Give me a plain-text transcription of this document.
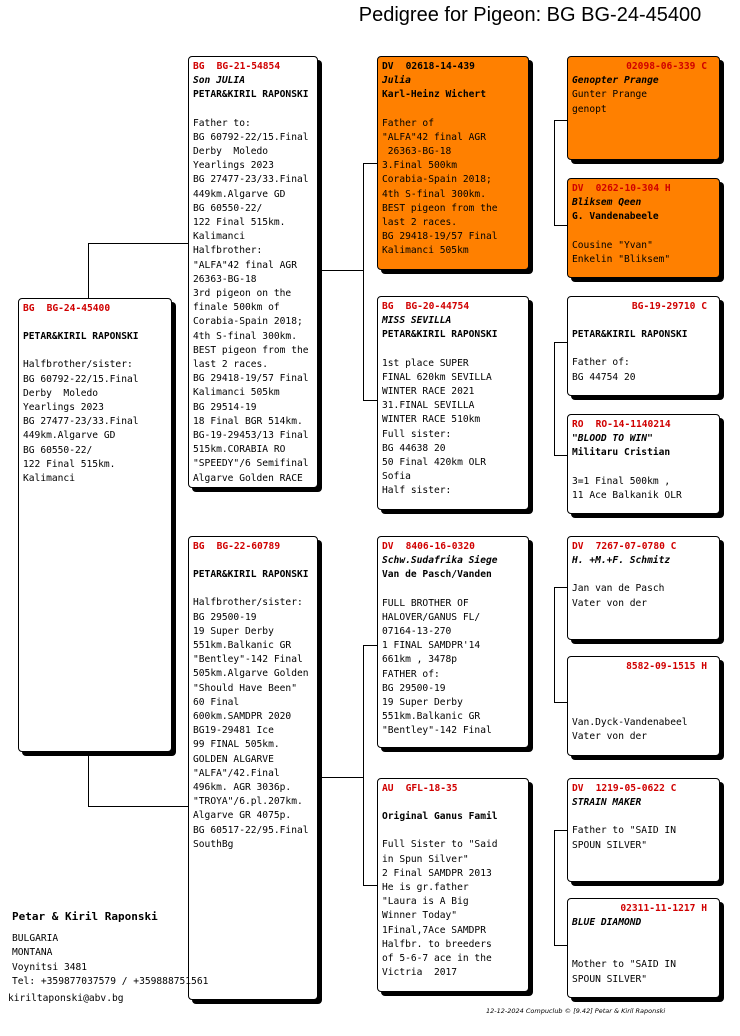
Pedigree for Pigeon: BG BG-24-45400
BG BG-24-45400
PETAR&KIRIL RAPONSKI
Halfbrother/sister:
BG 60792-22/15.Final
Derby  Moledo
Yearlings 2023
BG 27477-23/33.Final
449km.Algarve GD
BG 60550-22/
122 Final 515km.
Kalimanci
BG BG-21-54854
Son JULIA
PETAR&KIRIL RAPONSKI
Father to:
BG 60792-22/15.Final
Derby  Moledo
Yearlings 2023
BG 27477-23/33.Final
449km.Algarve GD
BG 60550-22/
122 Final 515km.
Kalimanci
Halfbrother:
"ALFA"42 final AGR
26363-BG-18
3rd pigeon on the
finale 500km of
Corabia-Spain 2018;
4th S-final 300km.
BEST pigeon from the
last 2 races.
BG 29418-19/57 Final
Kalimanci 505km
BG 29514-19
18 Final BGR 514km.
BG-19-29453/13 Final
515km.CORABIA RO
"SPEEDY"/6 Semifinal
Algarve Golden RACE
BG BG-22-60789
PETAR&KIRIL RAPONSKI
Halfbrother/sister:
BG 29500-19
19 Super Derby
551km.Balkanic GR
"Bentley"-142 Final
505km.Algarve Golden
"Should Have Been"
60 Final
600km.SAMDPR 2020
BG19-29481 Ice
99 FINAL 505km.
GOLDEN ALGARVE
"ALFA"/42.Final
496km. AGR 3036p.
"TROYA"/6.pl.207km.
Algarve GR 4075p.
BG 60517-22/95.Final
SouthBg
DV 02618-14-439
Julia
Karl-Heinz Wichert
Father of
"ALFA"42 final AGR
26363-BG-18
3.Final 500km
Corabia-Spain 2018;
4th S-final 300km.
BEST pigeon from the
last 2 races.
BG 29418-19/57 Final
Kalimanci 505km
BG BG-20-44754
MISS SEVILLA
PETAR&KIRIL RAPONSKI
1st place SUPER
FINAL 620km SEVILLA
WINTER RACE 2021
31.FINAL SEVILLA
WINTER RACE 510km
Full sister:
BG 44638 20
50 Final 420km OLR
Sofia
Half sister:
DV 8406-16-0320
Schw.Sudafrika Siege
Van de Pasch/Vanden
FULL BROTHER OF
HALOVER/GANUS FL/
07164-13-270
1 FINAL SAMDPR'14
661km , 3478p
FATHER of:
BG 29500-19
19 Super Derby
551km.Balkanic GR
"Bentley"-142 Final
AU GFL-18-35
Original Ganus Famil
Full Sister to "Said
in Spun Silver"
2 Final SAMDPR 2013
He is gr.father
"Laura is A Big
Winner Today"
1Final,7Ace SAMDPR
Halfbr. to breeders
of 5-6-7 ace in the
Victria  2017
02098-06-339 C
Genopter Prange
Gunter Prange
genopt
DV 0262-10-304 H
Bliksem Qeen
G. Vandenabeele
Cousine "Yvan"
Enkelin "Bliksem"
BG-19-29710 C
PETAR&KIRIL RAPONSKI
Father of:
BG 44754 20
RO RO-14-1140214
"BLOOD TO WIN"
Militaru Cristian
3=1 Final 500km ,
11 Ace Balkanik OLR
DV 7267-07-0780 C
H. +M.+F. Schmitz
Jan van de Pasch
Vater von der
8582-09-1515 H
Van.Dyck-Vandenabeel
Vater von der
DV 1219-05-0622 C
STRAIN MAKER
Father to "SAID IN
SPOUN SILVER"
02311-11-1217 H
BLUE DIAMOND
Mother to "SAID IN
SPOUN SILVER"
Petar & Kiril Raponski
BULGARIA
MONTANA
Voynitsi 3481
Tel: +359877037579 / +359888751561
kiriltaponski@abv.bg
12-12-2024 Compuclub © [9.42] Petar & Kiril Raponski
